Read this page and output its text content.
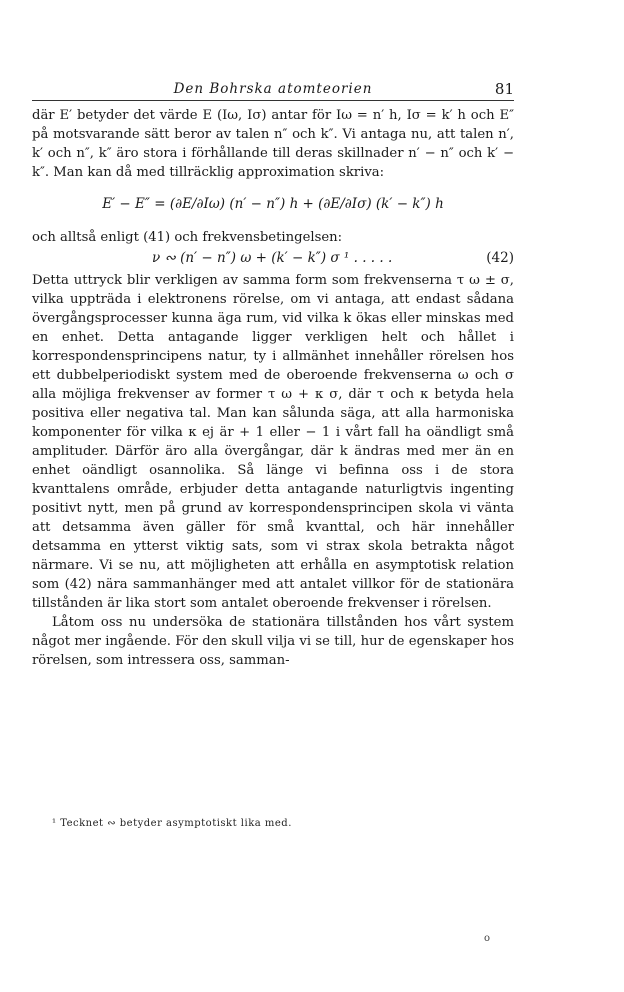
Den Bohrska atomteorien	81

där E′ betyder det värde E (Iω, Iσ) antar för Iω = n′ h, Iσ = k′ h och E″ på motsvarande sätt beror av talen n″ och k″. Vi antaga nu, att talen n′, k′ och n″, k″ äro stora i förhållande till deras skillnader n′ − n″ och k′ − k″. Man kan då med tillräcklig approximation skriva:

E′ − E″ = (∂E/∂Iω) (n′ − n″) h + (∂E/∂Iσ) (k′ − k″) h

och alltså enligt (41) och frekvensbetingelsen:

ν ∾ (n′ − n″) ω + (k′ − k″) σ ¹ . . . . .	(42)

Detta uttryck blir verkligen av samma form som frekvenserna τ ω ± σ, vilka uppträda i elektronens rörelse, om vi antaga, att endast sådana övergångsprocesser kunna äga rum, vid vilka k ökas eller minskas med en enhet. Detta antagande ligger verkligen helt och hållet i korrespondensprincipens natur, ty i allmänhet innehåller rörelsen hos ett dubbelperiodiskt system med de oberoende frekvenserna ω och σ alla möjliga frekvenser av former τ ω + κ σ, där τ och κ betyda hela positiva eller negativa tal. Man kan sålunda säga, att alla harmoniska komponenter för vilka κ ej är + 1 eller − 1 i vårt fall ha oändligt små amplituder. Därför äro alla övergångar, där k ändras med mer än en enhet oändligt osannolika. Så länge vi befinna oss i de stora kvanttalens område, erbjuder detta antagande naturligtvis ingenting positivt nytt, men på grund av korrespondensprincipen skola vi vänta att detsamma även gäller för små kvanttal, och här innehåller detsamma en ytterst viktig sats, som vi strax skola betrakta något närmare. Vi se nu, att möjligheten att erhålla en asymptotisk relation som (42) nära sammanhänger med att antalet villkor för de stationära tillstånden är lika stort som antalet oberoende frekvenser i rörelsen.

Låtom oss nu undersöka de stationära tillstånden hos vårt system något mer ingående. För den skull vilja vi se till, hur de egenskaper hos rörelsen, som intressera oss, samman-

¹ Tecknet ∾ betyder asymptotiskt lika med.
o
